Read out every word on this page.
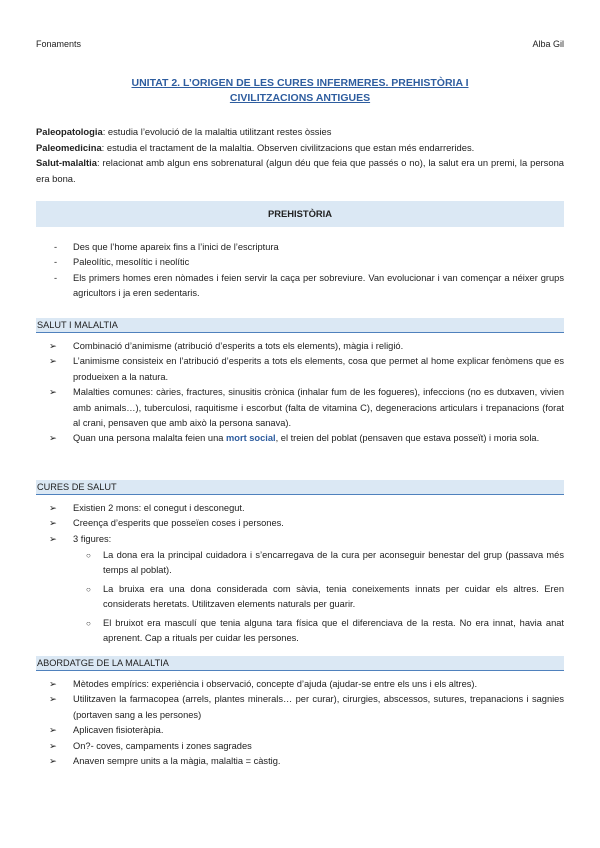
Fonaments	Alba Gil
UNITAT 2. L’ORIGEN DE LES CURES INFERMERES. PREHISTÒRIA I
CIVILITZACIONS ANTIGUES
Paleopatologia: estudia l’evolució de la malaltia utilitzant restes òssies
Paleomedicina: estudia el tractament de la malaltia. Observen civilitzacions que estan més endarrerides.
Salut-malaltia: relacionat amb algun ens sobrenatural (algun déu que feia que passés o no), la salut era un premi, la persona era bona.
PREHISTÒRIA
- Des que l’home apareix fins a l’inici de l’escriptura
- Paleolític, mesolític i neolític
- Els primers homes eren nòmades i feien servir la caça per sobreviure. Van evolucionar i van començar a néixer grups agricultors i ja eren sedentaris.
SALUT I MALALTIA
➢ Combinació d’animisme (atribució d’esperits a tots els elements), màgia i religió.
➢ L’animisme consisteix en l’atribució d’esperits a tots els elements, cosa que permet al home explicar fenòmens que es produeixen a la natura.
➢ Malalties comunes: càries, fractures, sinusitis crònica (inhalar fum de les fogueres), infeccions (no es dutxaven, vivien amb animals…), tuberculosi, raquitisme i escorbut (falta de vitamina C), degeneracions articulars i trepanacions (forat al crani, pensaven que amb això la persona sanava).
➢ Quan una persona malalta feien una mort social, el treien del poblat (pensaven que estava posseït) i moria sola.
CURES DE SALUT
➢ Existien 2 mons: el conegut i desconegut.
➢ Creença d’esperits que posseïen coses i persones.
➢ 3 figures:
○ La dona era la principal cuidadora i s’encarregava de la cura per aconseguir benestar del grup (passava més temps al poblat).
○ La bruixa era una dona considerada com sàvia, tenia coneixements innats per cuidar els altres. Eren considerats heretats. Utilitzaven elements naturals per guarir.
○ El bruixot era masculí que tenia alguna tara física que el diferenciava de la resta. No era innat, havia anat aprenent. Cap a rituals per cuidar les persones.
ABORDATGE DE LA MALALTIA
➢ Mètodes empírics: experiència i observació, concepte d’ajuda (ajudar-se entre els uns i els altres).
➢ Utilitzaven la farmacopea (arrels, plantes minerals… per curar), cirurgies, abscessos, sutures, trepanacions i sagnies (portaven sang a les persones)
➢ Aplicaven fisioteràpia.
➢ On?- coves, campaments i zones sagrades
➢ Anaven sempre units a la màgia, malaltia = càstig.
